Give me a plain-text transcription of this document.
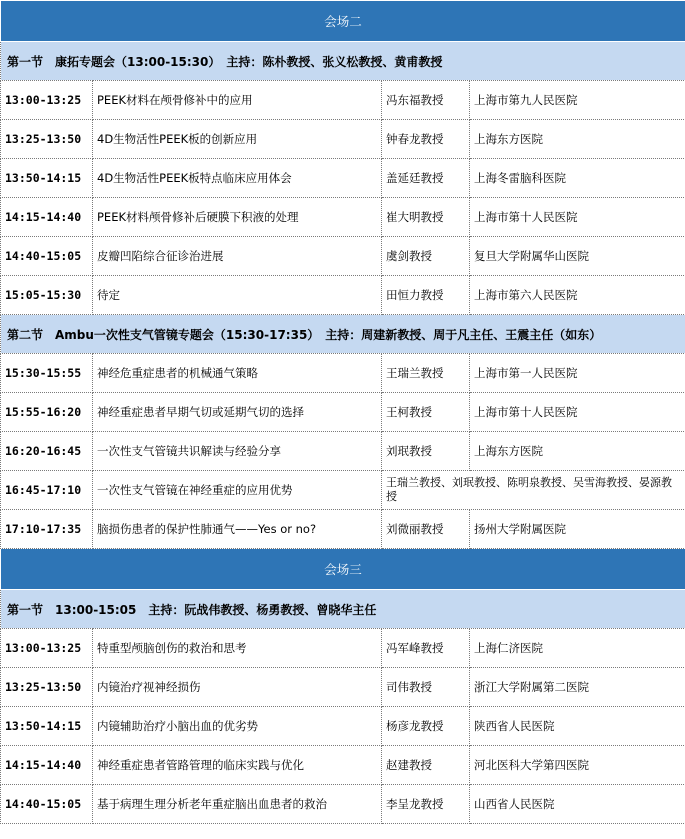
会场二			
第一节　康拓专题会（13:00-15:30）　主持：陈朴教授、张义松教授、黄甫教授			
13:00-13:25	PEEK材料在颅骨修补中的应用	冯东福教授	上海市第九人民医院
13:25-13:50	4D生物活性PEEK板的创新应用	钟春龙教授	上海东方医院
13:50-14:15	4D生物活性PEEK板特点临床应用体会	盖延廷教授	上海冬雷脑科医院
14:15-14:40	PEEK材料颅骨修补后硬膜下积液的处理	崔大明教授	上海市第十人民医院
14:40-15:05	皮瓣凹陷综合征诊治进展	虞剑教授	复旦大学附属华山医院
15:05-15:30	待定	田恒力教授	上海市第六人民医院
第二节　Ambu一次性支气管镜专题会（15:30-17:35）　主持：周建新教授、周于凡主任、王震主任（如东）			
15:30-15:55	神经危重症患者的机械通气策略	王瑞兰教授	上海市第一人民医院
15:55-16:20	神经重症患者早期气切或延期气切的选择	王柯教授	上海市第十人民医院
16:20-16:45	一次性支气管镜共识解读与经验分享	刘珉教授	上海东方医院
16:45-17:10	一次性支气管镜在神经重症的应用优势	王瑞兰教授、刘珉教授、陈明泉教授、吴雪海教授、晏源教授	
17:10-17:35	脑损伤患者的保护性肺通气——Yes or no?	刘微丽教授	扬州大学附属医院
会场三			
第一节　13:00-15:05　主持：阮战伟教授、杨勇教授、曾晓华主任			
13:00-13:25	特重型颅脑创伤的救治和思考	冯军峰教授	上海仁济医院
13:25-13:50	内镜治疗视神经损伤	司伟教授	浙江大学附属第二医院
13:50-14:15	内镜辅助治疗小脑出血的优劣势	杨彦龙教授	陕西省人民医院
14:15-14:40	神经重症患者管路管理的临床实践与优化	赵建教授	河北医科大学第四医院
14:40-15:05	基于病理生理分析老年重症脑出血患者的救治	李呈龙教授	山西省人民医院
